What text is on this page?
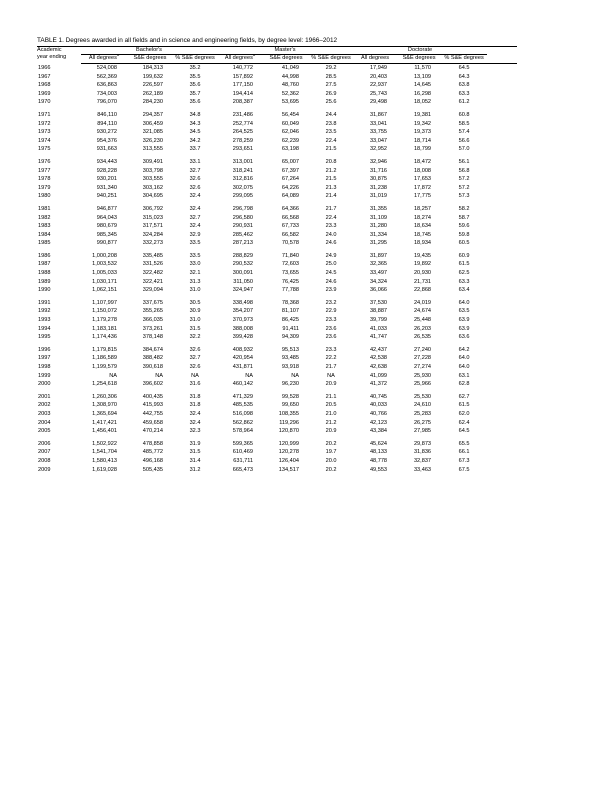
TABLE 1. Degrees awarded in all fields and in science and engineering fields, by degree level: 1966–2012
Academic
year ending	Bachelor's			Master's			Doctorate			

	All degrees$^a$	S&E degrees	% S&E degrees	All degrees$^a$	S&E degrees	% S&E degrees	All degrees	S&E degrees	% S&E degrees	
1966	524,008	184,313	35.2	140,772	41,049	29.2	17,949	11,570	64.5	
1967	562,369	199,632	35.5	157,892	44,998	28.5	20,403	13,109	64.3	
1968	636,863	226,597	35.6	177,150	48,760	27.5	22,937	14,645	63.8	
1969	734,003	262,189	35.7	194,414	52,362	26.9	25,743	16,298	63.3	
1970	796,070	284,230	35.6	208,387	53,695	25.6	29,498	18,052	61.2	

1971	846,110	294,357	34.8	231,486	56,454	24.4	31,867	19,381	60.8	
1972	894,110	306,459	34.3	252,774	60,049	23.8	33,041	19,342	58.5	
1973	930,272	321,085	34.5	264,525	62,046	23.5	33,755	19,373	57.4	
1974	954,376	326,230	34.2	278,259	62,239	22.4	33,047	18,714	56.6	
1975	931,663	313,555	33.7	293,651	63,198	21.5	32,952	18,799	57.0	

1976	934,443	309,491	33.1	313,001	65,007	20.8	32,946	18,472	56.1	
1977	928,228	303,798	32.7	318,241	67,397	21.2	31,716	18,008	56.8	
1978	930,201	303,555	32.6	312,816	67,264	21.5	30,875	17,653	57.2	
1979	931,340	303,162	32.6	302,075	64,226	21.3	31,238	17,872	57.2	
1980	940,251	304,695	32.4	299,095	64,089	21.4	31,019	17,775	57.3	

1981	946,877	306,792	32.4	296,798	64,366	21.7	31,355	18,257	58.2	
1982	964,043	315,023	32.7	296,580	66,568	22.4	31,109	18,274	58.7	
1983	980,679	317,571	32.4	290,931	67,733	23.3	31,280	18,634	59.6	
1984	985,345	324,284	32.9	285,462	66,582	24.0	31,334	18,745	59.8	
1985	990,877	332,273	33.5	287,213	70,578	24.6	31,295	18,934	60.5	

1986	1,000,208	335,485	33.5	288,829	71,840	24.9	31,897	19,435	60.9	
1987	1,003,532	331,526	33.0	290,532	72,603	25.0	32,365	19,892	61.5	
1988	1,005,033	322,482	32.1	300,091	73,655	24.5	33,497	20,930	62.5	
1989	1,030,171	322,421	31.3	311,050	76,425	24.6	34,324	21,731	63.3	
1990	1,062,151	329,094	31.0	324,947	77,788	23.9	36,066	22,868	63.4	

1991	1,107,997	337,675	30.5	338,498	78,368	23.2	37,530	24,019	64.0	
1992	1,150,072	355,265	30.9	354,207	81,107	22.9	38,887	24,674	63.5	
1993	1,179,278	366,035	31.0	370,973	86,425	23.3	39,799	25,448	63.9	
1994	1,183,181	373,261	31.5	388,008	91,411	23.6	41,033	26,203	63.9	
1995	1,174,436	378,148	32.2	399,428	94,309	23.6	41,747	26,535	63.6	

1996	1,179,815	384,674	32.6	408,932	95,513	23.3	42,437	27,240	64.2	
1997	1,186,589	388,482	32.7	420,954	93,485	22.2	42,538	27,228	64.0	
1998	1,199,579	390,618	32.6	431,871	93,918	21.7	42,638	27,274	64.0	
1999	NA	NA	NA	NA	NA	NA	41,099	25,930	63.1	
2000	1,254,618	396,602	31.6	460,142	96,230	20.9	41,372	25,966	62.8	

2001	1,260,306	400,435	31.8	471,329	99,528	21.1	40,745	25,530	62.7	
2002	1,308,970	415,993	31.8	485,535	99,650	20.5	40,033	24,610	61.5	
2003	1,365,694	442,755	32.4	516,098	108,355	21.0	40,766	25,283	62.0	
2004	1,417,421	459,658	32.4	562,862	119,296	21.2	42,123	26,275	62.4	
2005	1,456,401	470,214	32.3	578,964	120,870	20.9	43,384	27,985	64.5	

2006	1,502,922	478,858	31.9	599,365	120,999	20.2	45,624	29,873	65.5	
2007	1,541,704	485,772	31.5	610,469	120,278	19.7	48,133	31,836	66.1	
2008	1,580,413	496,168	31.4	631,711	126,404	20.0	48,778	32,837	67.3	
2009	1,619,028	505,435	31.2	665,473	134,517	20.2	49,553	33,463	67.5	
